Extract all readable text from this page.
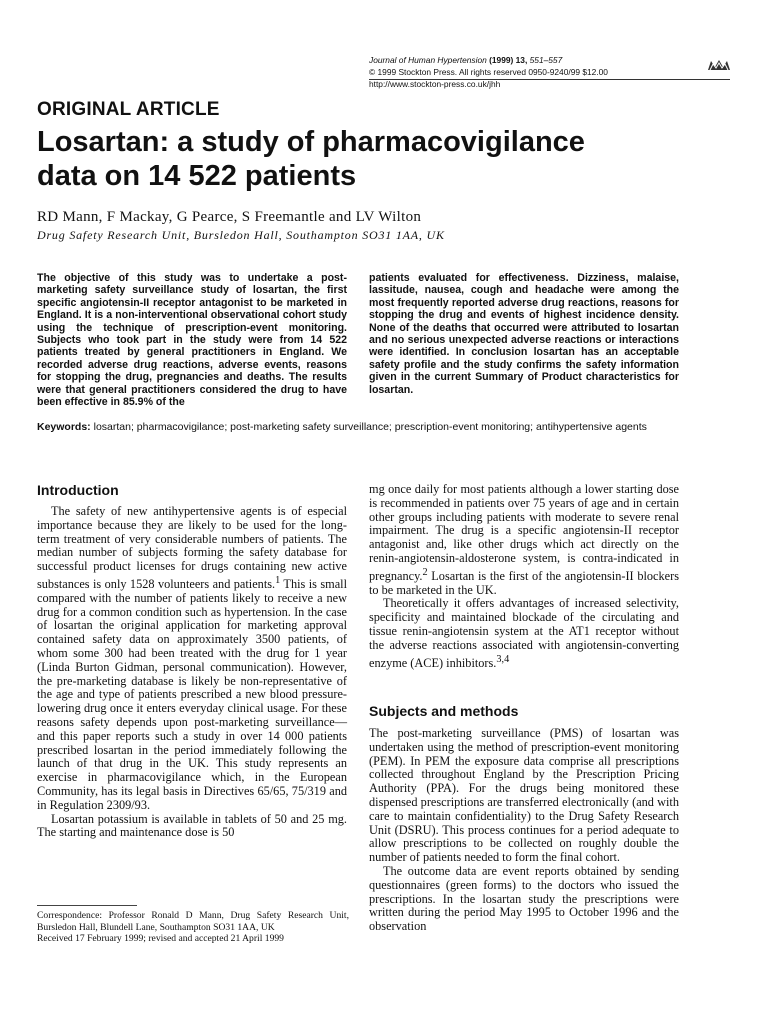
Journal of Human Hypertension (1999) 13, 551–557
© 1999 Stockton Press. All rights reserved 0950-9240/99 $12.00
http://www.stockton-press.co.uk/jhh
ORIGINAL ARTICLE
Losartan: a study of pharmacovigilance
data on 14 522 patients
RD Mann, F Mackay, G Pearce, S Freemantle and LV Wilton
Drug Safety Research Unit, Bursledon Hall, Southampton SO31 1AA, UK

The objective of this study was to undertake a post-marketing safety surveillance study of losartan, the first specific angiotensin-II receptor antagonist to be marketed in England. It is a non-interventional observational cohort study using the technique of prescription-event monitoring. Subjects who took part in the study were from 14 522 patients treated by general practitioners in England. We recorded adverse drug reactions, adverse events, reasons for stopping the drug, pregnancies and deaths. The results were that general practitioners considered the drug to have been effective in 85.9% of the

patients evaluated for effectiveness. Dizziness, malaise, lassitude, nausea, cough and headache were among the most frequently reported adverse drug reactions, reasons for stopping the drug and events of highest incidence density. None of the deaths that occurred were attributed to losartan and no serious unexpected adverse reactions or interactions were identified. In conclusion losartan has an acceptable safety profile and the study confirms the safety information given in the current Summary of Product characteristics for losartan.

Keywords: losartan; pharmacovigilance; post-marketing safety surveillance; prescription-event monitoring; antihypertensive agents
Introduction

The safety of new antihypertensive agents is of especial importance because they are likely to be used for the long-term treatment of very considerable numbers of patients. The median number of subjects forming the safety database for successful product licenses for drugs containing new active substances is only 1528 volunteers and patients.$^1$ This is small compared with the number of patients likely to receive a new drug for a common condition such as hypertension. In the case of losartan the original application for marketing approval contained safety data on approximately 3500 patients, of whom some 300 had been treated with the drug for 1 year (Linda Burton Gidman, personal communication). However, the pre-marketing database is likely be non-representative of the age and type of patients prescribed a new blood pressure-lowering drug once it enters everyday clinical usage. For these reasons safety depends upon post-marketing surveillance—and this paper reports such a study in over 14 000 patients prescribed losartan in the period immediately following the launch of that drug in the UK. This study represents an exercise in pharmacovigilance which, in the European Community, has its legal basis in Directives 65/65, 75/319 and in Regulation 2309/93.

Losartan potassium is available in tablets of 50 and 25 mg. The starting and maintenance dose is 50

mg once daily for most patients although a lower starting dose is recommended in patients over 75 years of age and in certain other groups including patients with moderate to severe renal impairment. The drug is a specific angiotensin-II receptor antagonist and, like other drugs which act directly on the renin-angiotensin-aldosterone system, is contra-indicated in pregnancy.$^2$ Losartan is the first of the angiotensin-II blockers to be marketed in the UK.

Theoretically it offers advantages of increased selectivity, specificity and maintained blockade of the circulating and tissue renin-angiotensin system at the AT1 receptor without the adverse reactions associated with angiotensin-converting enzyme (ACE) inhibitors.$^{3,4}$

Subjects and methods

The post-marketing surveillance (PMS) of losartan was undertaken using the method of prescription-event monitoring (PEM). In PEM the exposure data comprise all prescriptions collected throughout England by the Prescription Pricing Authority (PPA). For the drugs being monitored these dispensed prescriptions are transferred electronically (and with care to maintain confidentiality) to the Drug Safety Research Unit (DSRU). This process continues for a period adequate to allow prescriptions to be collected on roughly double the number of patients needed to form the final cohort.

The outcome data are event reports obtained by sending questionnaires (green forms) to the doctors who issued the prescriptions. In the losartan study the prescriptions were written during the period May 1995 to October 1996 and the observation

Correspondence: Professor Ronald D Mann, Drug Safety Research Unit, Bursledon Hall, Blundell Lane, Southampton SO31 1AA, UK
Received 17 February 1999; revised and accepted 21 April 1999
